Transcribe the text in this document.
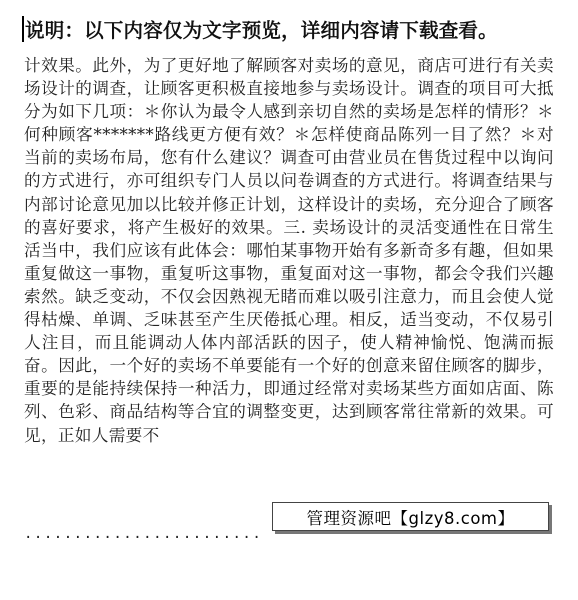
说明：以下内容仅为文字预览，详细内容请下载查看。

计效果。此外，为了更好地了解顾客对卖场的意见，商店可进行有关卖场设计的调查，让顾客更积极直接地参与卖场设计。调查的项目可大抵分为如下几项：＊你认为最令人感到亲切自然的卖场是怎样的情形？＊何种顾客*******路线更方便有效？＊怎样使商品陈列一目了然？＊对当前的卖场布局，您有什么建议？调查可由营业员在售货过程中以询问的方式进行，亦可组织专门人员以问卷调查的方式进行。将调查结果与内部讨论意见加以比较并修正计划，这样设计的卖场，充分迎合了顾客的喜好要求，将产生极好的效果。三. 卖场设计的灵活变通性在日常生活当中，我们应该有此体会：哪怕某事物开始有多新奇多有趣，但如果重复做这一事物，重复听这事物，重复面对这一事物，都会令我们兴趣索然。缺乏变动，不仅会因熟视无睹而难以吸引注意力，而且会使人觉得枯燥、单调、乏味甚至产生厌倦抵心理。相反，适当变动，不仅易引人注目，而且能调动人体内部活跃的因子，使人精神愉悦、饱满而振奋。因此，一个好的卖场不单要能有一个好的创意来留住顾客的脚步，重要的是能持续保持一种活力，即通过经常对卖场某些方面如店面、陈列、色彩、商品结构等合宜的调整变更，达到顾客常往常新的效果。可见，正如人需要不

管理资源吧【glzy8.com】
························
